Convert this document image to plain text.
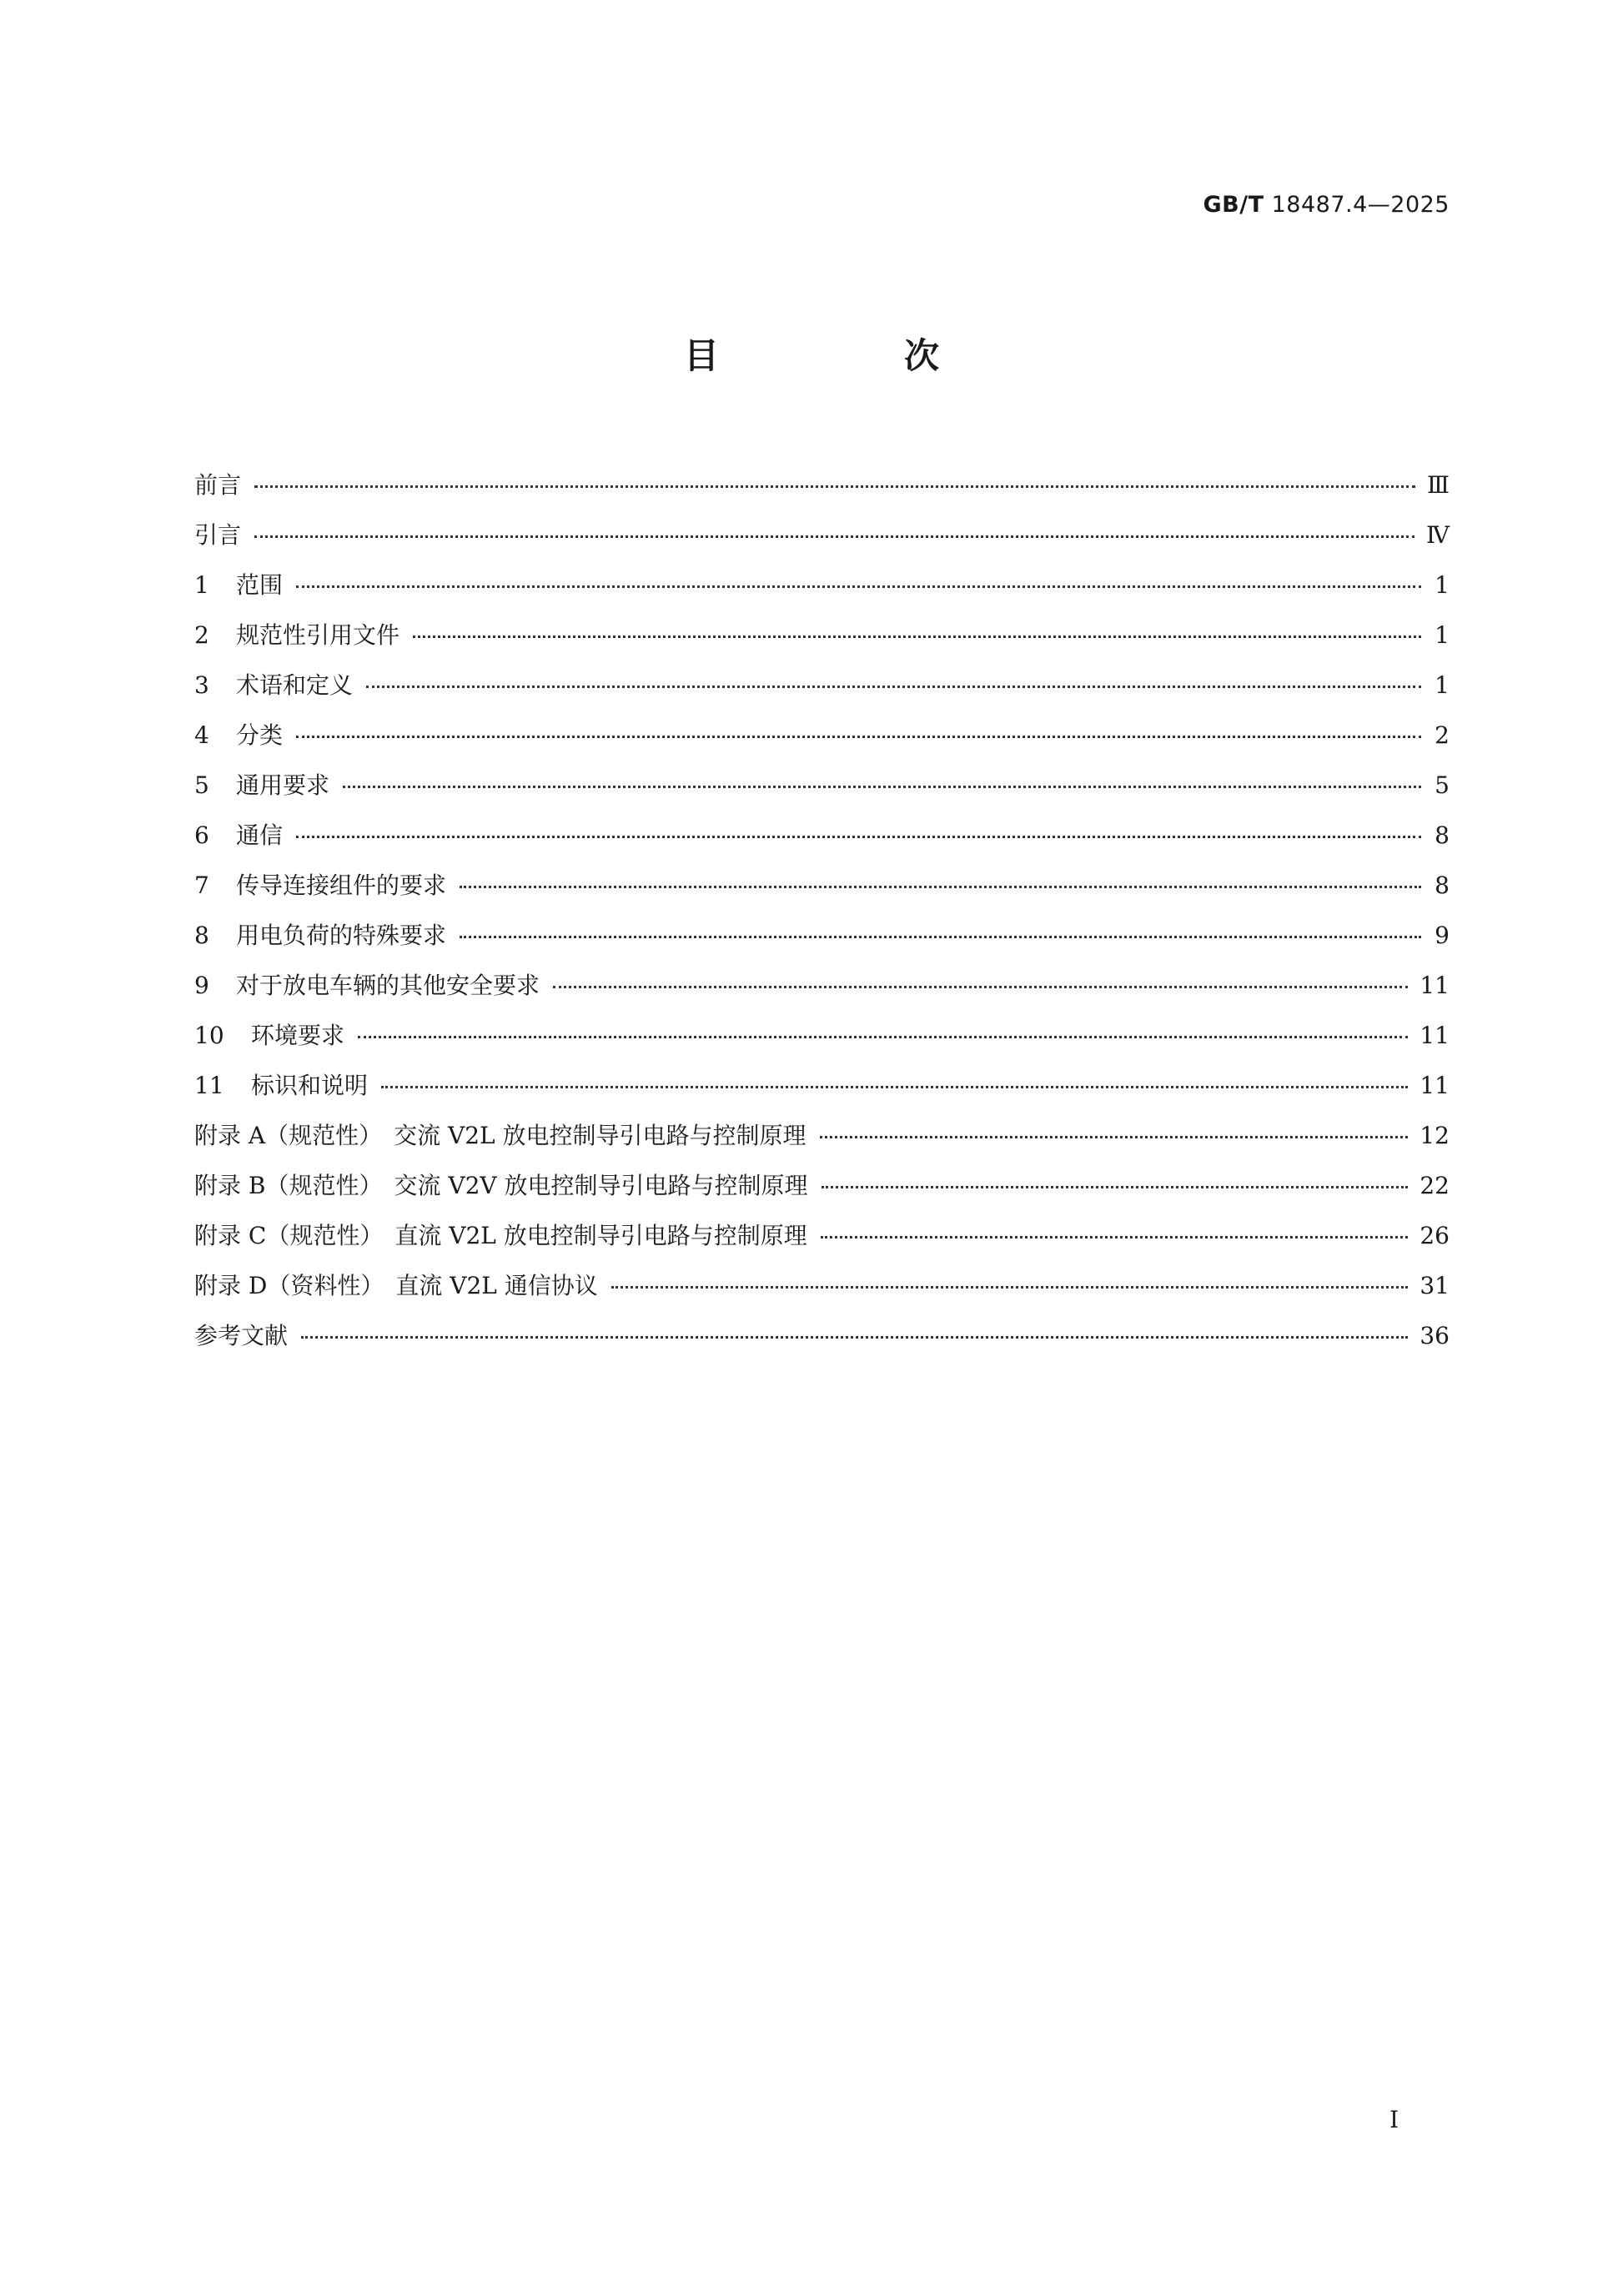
GB/T 18487.4—2025
目　次
前言	Ⅲ
引言	Ⅳ
1	范围	1
2	规范性引用文件	1
3	术语和定义	1
4	分类	2
5	通用要求	5
6	通信	8
7	传导连接组件的要求	8
8	用电负荷的特殊要求	9
9	对于放电车辆的其他安全要求	11
10	环境要求	11
11	标识和说明	11
附录 A（规范性）　交流 V2L 放电控制导引电路与控制原理	12
附录 B（规范性）　交流 V2V 放电控制导引电路与控制原理	22
附录 C（规范性）　直流 V2L 放电控制导引电路与控制原理	26
附录 D（资料性）　直流 V2L 通信协议	31
参考文献	36
Ⅰ
